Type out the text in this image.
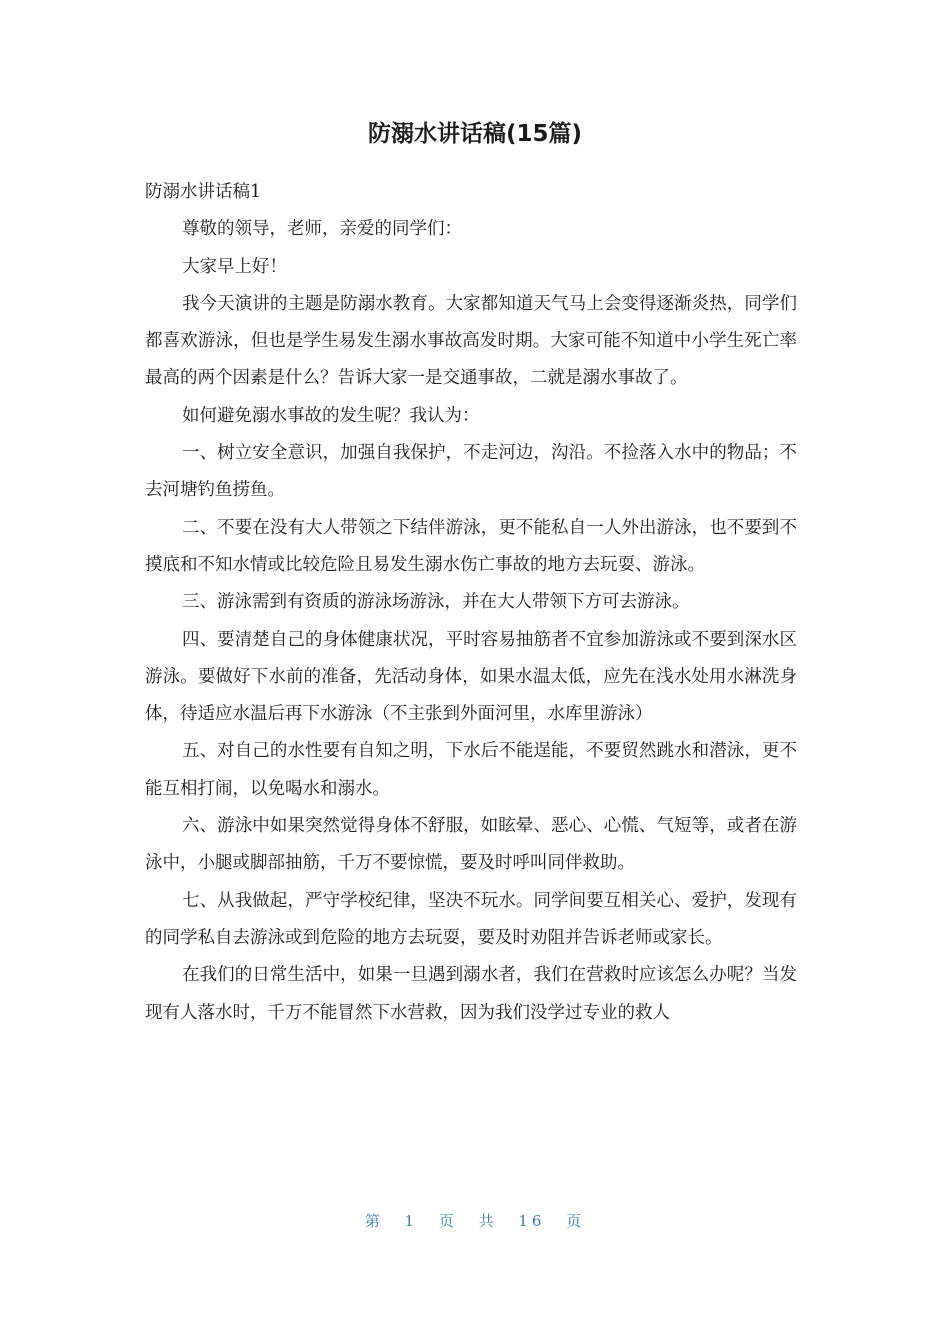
防溺水讲话稿(15篇)

防溺水讲话稿1

尊敬的领导，老师，亲爱的同学们：

大家早上好！

我今天演讲的主题是防溺水教育。大家都知道天气马上会变得逐渐炎热，同学们都喜欢游泳，但也是学生易发生溺水事故高发时期。大家可能不知道中小学生死亡率最高的两个因素是什么？告诉大家一是交通事故，二就是溺水事故了。

如何避免溺水事故的发生呢？我认为：

一、树立安全意识，加强自我保护，不走河边，沟沿。不捡落入水中的物品；不去河塘钓鱼捞鱼。

二、不要在没有大人带领之下结伴游泳，更不能私自一人外出游泳，也不要到不摸底和不知水情或比较危险且易发生溺水伤亡事故的地方去玩耍、游泳。

三、游泳需到有资质的游泳场游泳，并在大人带领下方可去游泳。

四、要清楚自己的身体健康状况，平时容易抽筋者不宜参加游泳或不要到深水区游泳。要做好下水前的准备，先活动身体，如果水温太低，应先在浅水处用水淋洗身体，待适应水温后再下水游泳（不主张到外面河里，水库里游泳）

五、对自己的水性要有自知之明，下水后不能逞能，不要贸然跳水和潜泳，更不能互相打闹，以免喝水和溺水。

六、游泳中如果突然觉得身体不舒服，如眩晕、恶心、心慌、气短等，或者在游泳中，小腿或脚部抽筋，千万不要惊慌，要及时呼叫同伴救助。

七、从我做起，严守学校纪律，坚决不玩水。同学间要互相关心、爱护，发现有的同学私自去游泳或到危险的地方去玩耍，要及时劝阻并告诉老师或家长。

在我们的日常生活中，如果一旦遇到溺水者，我们在营救时应该怎么办呢？当发现有人落水时，千万不能冒然下水营救，因为我们没学过专业的救人

第 1 页 共 16 页
